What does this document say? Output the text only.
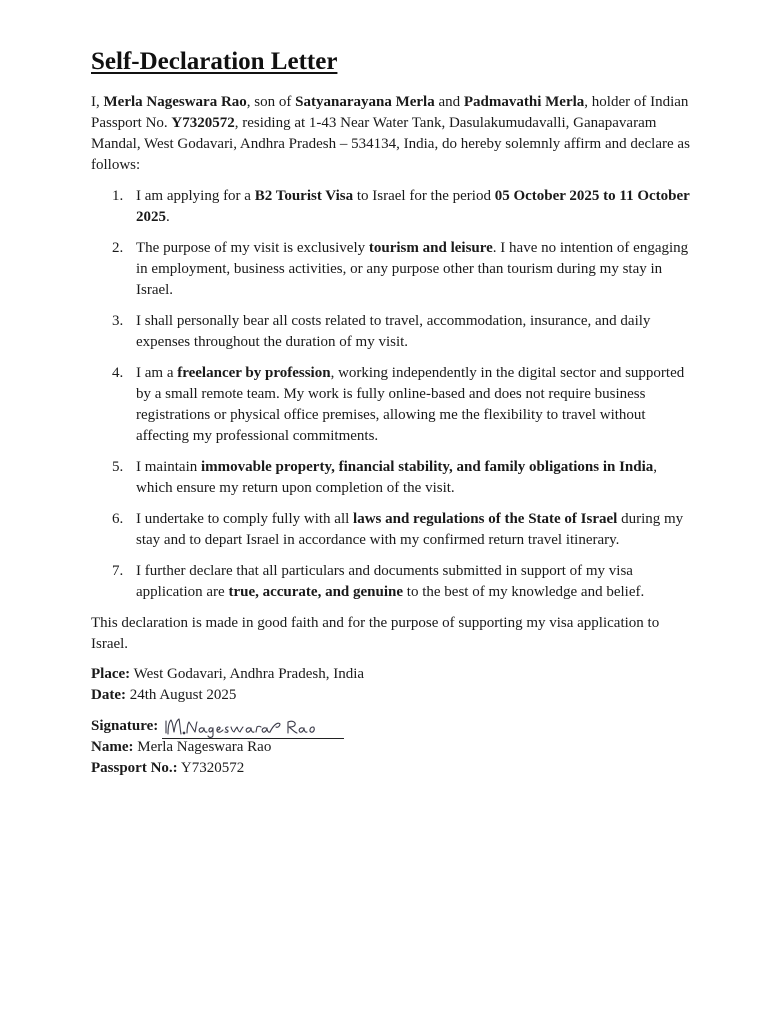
Self-Declaration Letter

I, Merla Nageswara Rao, son of Satyanarayana Merla and Padmavathi Merla, holder of Indian Passport No. Y7320572, residing at 1-43 Near Water Tank, Dasulakumudavalli, Ganapavaram Mandal, West Godavari, Andhra Pradesh – 534134, India, do hereby solemnly affirm and declare as follows:

1. I am applying for a B2 Tourist Visa to Israel for the period 05 October 2025 to 11 October 2025.
2. The purpose of my visit is exclusively tourism and leisure. I have no intention of engaging in employment, business activities, or any purpose other than tourism during my stay in Israel.
3. I shall personally bear all costs related to travel, accommodation, insurance, and daily expenses throughout the duration of my visit.
4. I am a freelancer by profession, working independently in the digital sector and supported by a small remote team. My work is fully online-based and does not require business registrations or physical office premises, allowing me the flexibility to travel without affecting my professional commitments.
5. I maintain immovable property, financial stability, and family obligations in India, which ensure my return upon completion of the visit.
6. I undertake to comply fully with all laws and regulations of the State of Israel during my stay and to depart Israel in accordance with my confirmed return travel itinerary.
7. I further declare that all particulars and documents submitted in support of my visa application are true, accurate, and genuine to the best of my knowledge and belief.

This declaration is made in good faith and for the purpose of supporting my visa application to Israel.

Place: West Godavari, Andhra Pradesh, India

Date: 24th August 2025

Signature:

Name: Merla Nageswara Rao

Passport No.: Y7320572
